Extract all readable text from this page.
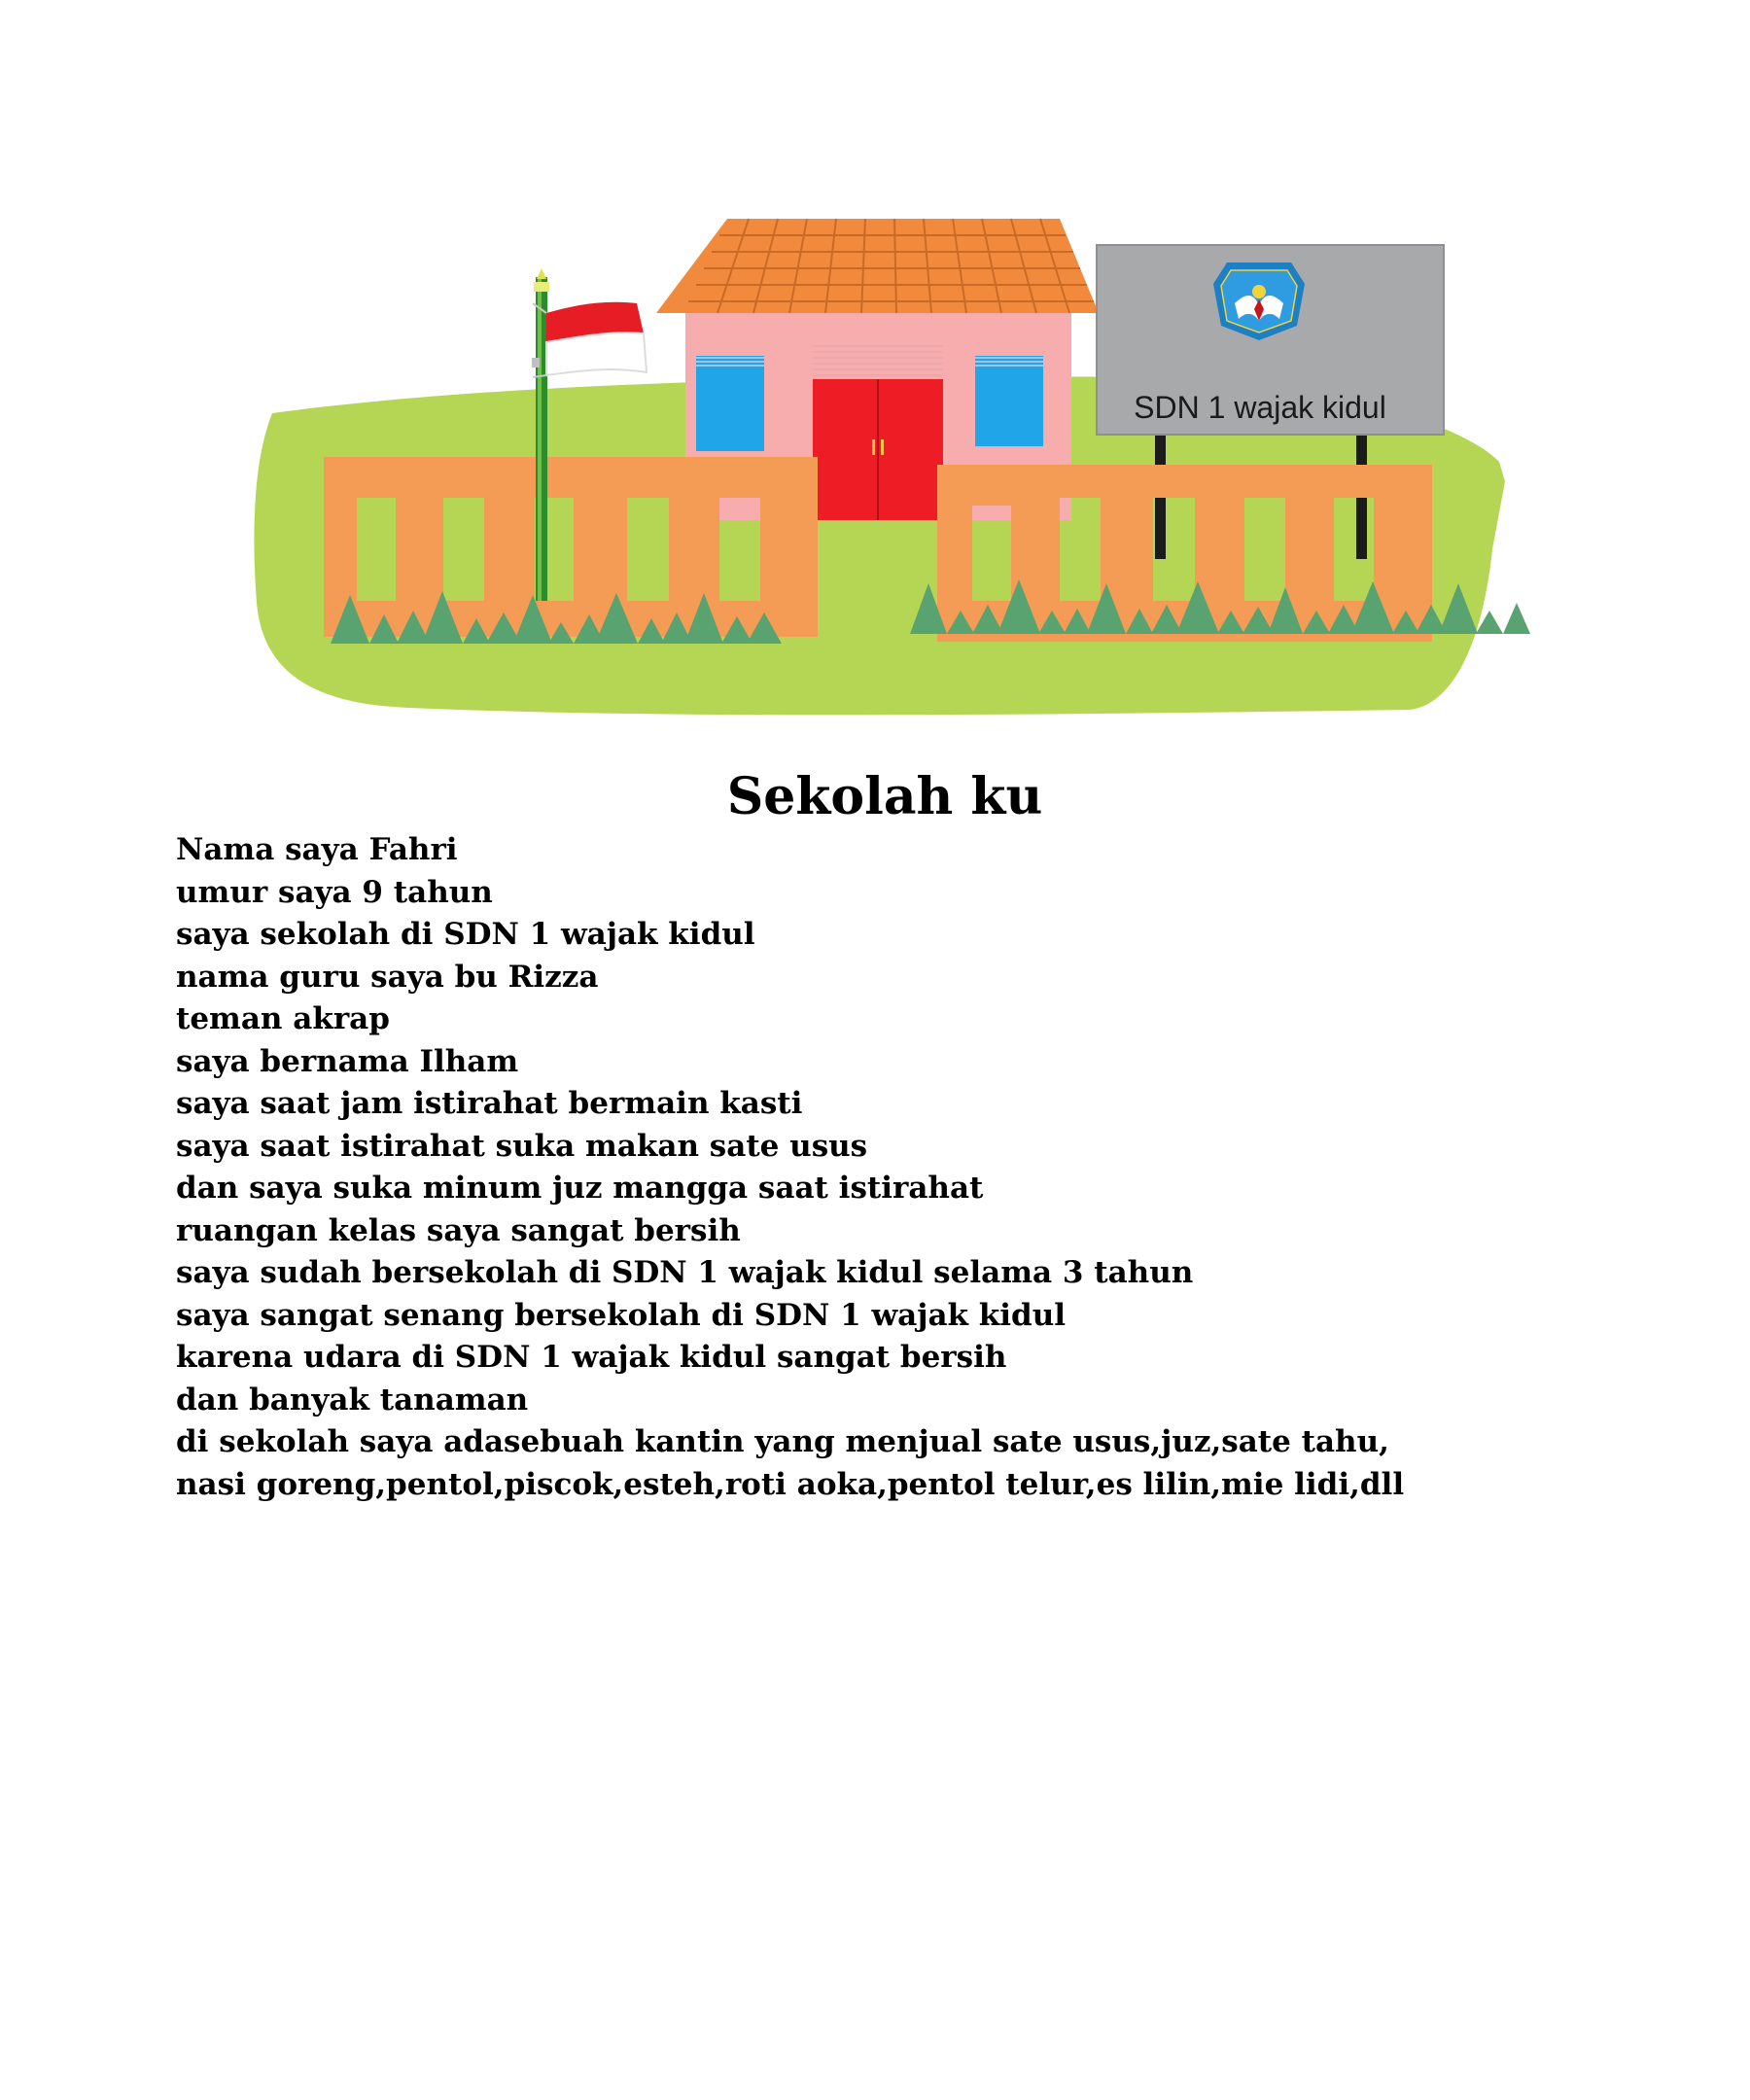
SDN 1 wajak kidul
Sekolah ku
Nama saya Fahri
umur saya 9 tahun
saya sekolah di SDN 1 wajak kidul
nama guru saya bu Rizza
teman akrap
saya bernama Ilham
saya saat jam istirahat bermain kasti
saya saat istirahat suka makan sate usus
dan saya suka minum juz mangga saat istirahat
ruangan kelas saya sangat bersih
saya sudah bersekolah di SDN 1 wajak kidul selama 3 tahun
saya sangat senang bersekolah di SDN 1 wajak kidul
karena udara di SDN 1 wajak kidul sangat bersih
dan banyak tanaman
di sekolah saya adasebuah kantin yang menjual sate usus,juz,sate tahu,
nasi goreng,pentol,piscok,esteh,roti aoka,pentol telur,es lilin,mie lidi,dll
